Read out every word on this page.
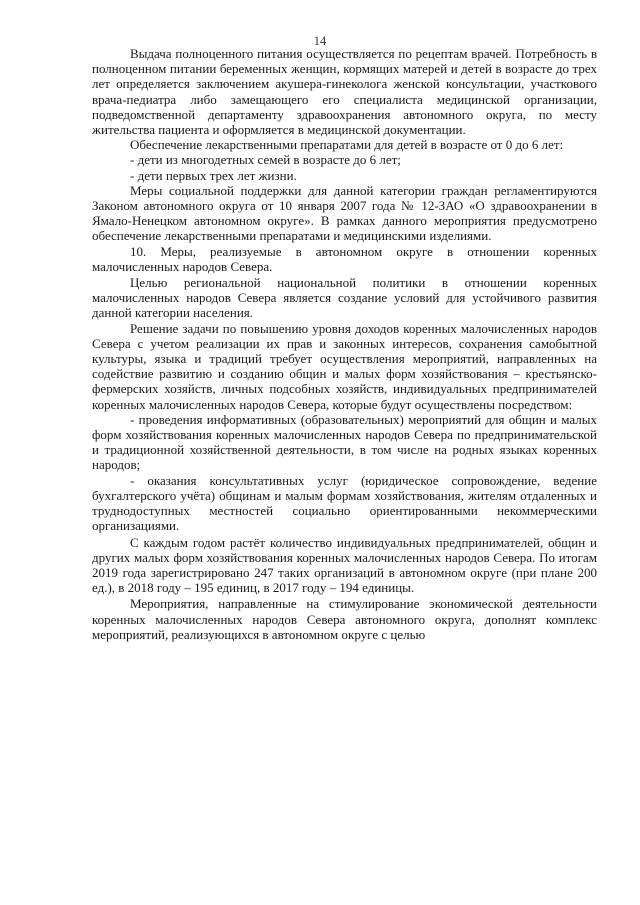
14

Выдача полноценного питания осуществляется по рецептам врачей. Потребность в полноценном питании беременных женщин, кормящих матерей и детей в возрасте до трех лет определяется заключением акушера-гинеколога женской консультации, участкового врача-педиатра либо замещающего его специалиста медицинской организации, подведомственной департаменту здравоохранения автономного округа, по месту жительства пациента и оформляется в медицинской документации.

Обеспечение лекарственными препаратами для детей в возрасте от 0 до 6 лет:

- дети из многодетных семей в возрасте до 6 лет;

- дети первых трех лет жизни.

Меры социальной поддержки для данной категории граждан регламентируются Законом автономного округа от 10 января 2007 года № 12-ЗАО «О здравоохранении в Ямало-Ненецком автономном округе». В рамках данного мероприятия предусмотрено обеспечение лекарственными препаратами и медицинскими изделиями.

10. Меры, реализуемые в автономном округе в отношении коренных малочисленных народов Севера.

Целью региональной национальной политики в отношении коренных малочисленных народов Севера является создание условий для устойчивого развития данной категории населения.

Решение задачи по повышению уровня доходов коренных малочисленных народов Севера с учетом реализации их прав и законных интересов, сохранения самобытной культуры, языка и традиций требует осуществления мероприятий, направленных на содействие развитию и созданию общин и малых форм хозяйствования – крестьянско-фермерских хозяйств, личных подсобных хозяйств, индивидуальных предпринимателей коренных малочисленных народов Севера, которые будут осуществлены посредством:

- проведения информативных (образовательных) мероприятий для общин и малых форм хозяйствования коренных малочисленных народов Севера по предпринимательской и традиционной хозяйственной деятельности, в том числе на родных языках коренных народов;

- оказания консультативных услуг (юридическое сопровождение, ведение бухгалтерского учёта) общинам и малым формам хозяйствования, жителям отдаленных и труднодоступных местностей социально ориентированными некоммерческими организациями.

С каждым годом растёт количество индивидуальных предпринимателей, общин и других малых форм хозяйствования коренных малочисленных народов Севера. По итогам 2019 года зарегистрировано 247 таких организаций в автономном округе (при плане 200 ед.), в 2018 году – 195 единиц, в 2017 году – 194 единицы.

Мероприятия, направленные на стимулирование экономической деятельности коренных малочисленных народов Севера автономного округа, дополнят комплекс мероприятий, реализующихся в автономном округе с целью
